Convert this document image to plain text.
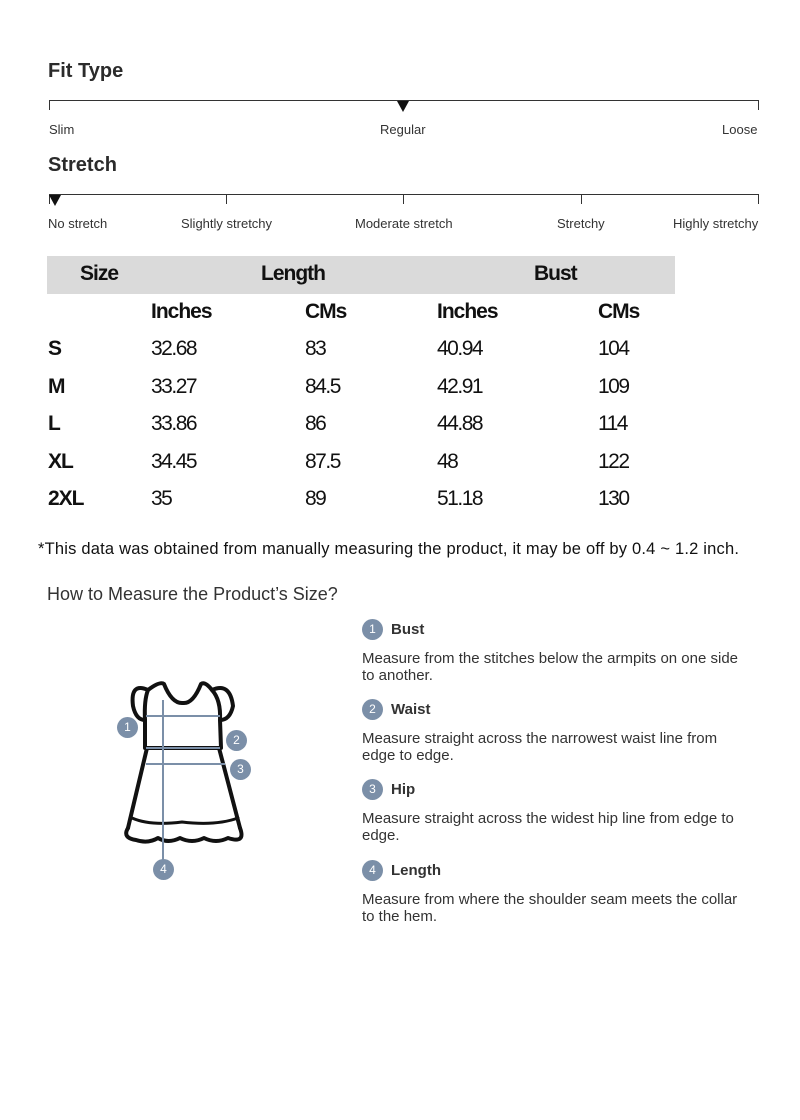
Fit Type
Slim	Regular	Loose
Stretch
No stretch	Slightly stretchy	Moderate stretch	Stretchy	Highly stretchy
Size	Length	Bust
Inches	CMs	Inches	CMs
S	32.68	83	40.94	104
M	33.27	84.5	42.91	109
L	33.86	86	44.88	114
XL	34.45	87.5	48	122
2XL	35	89	51.18	130
*This data was obtained from manually measuring the product, it may be off by 0.4 ~ 1.2 inch.
How to Measure the Product’s Size?
1
2
3
4
1	Bust
Measure from the stitches below the armpits on one side to another.
2	Waist
Measure straight across the narrowest waist line from edge to edge.
3	Hip
Measure straight across the widest hip line from edge to edge.
4	Length
Measure from where the shoulder seam meets the collar to the hem.
